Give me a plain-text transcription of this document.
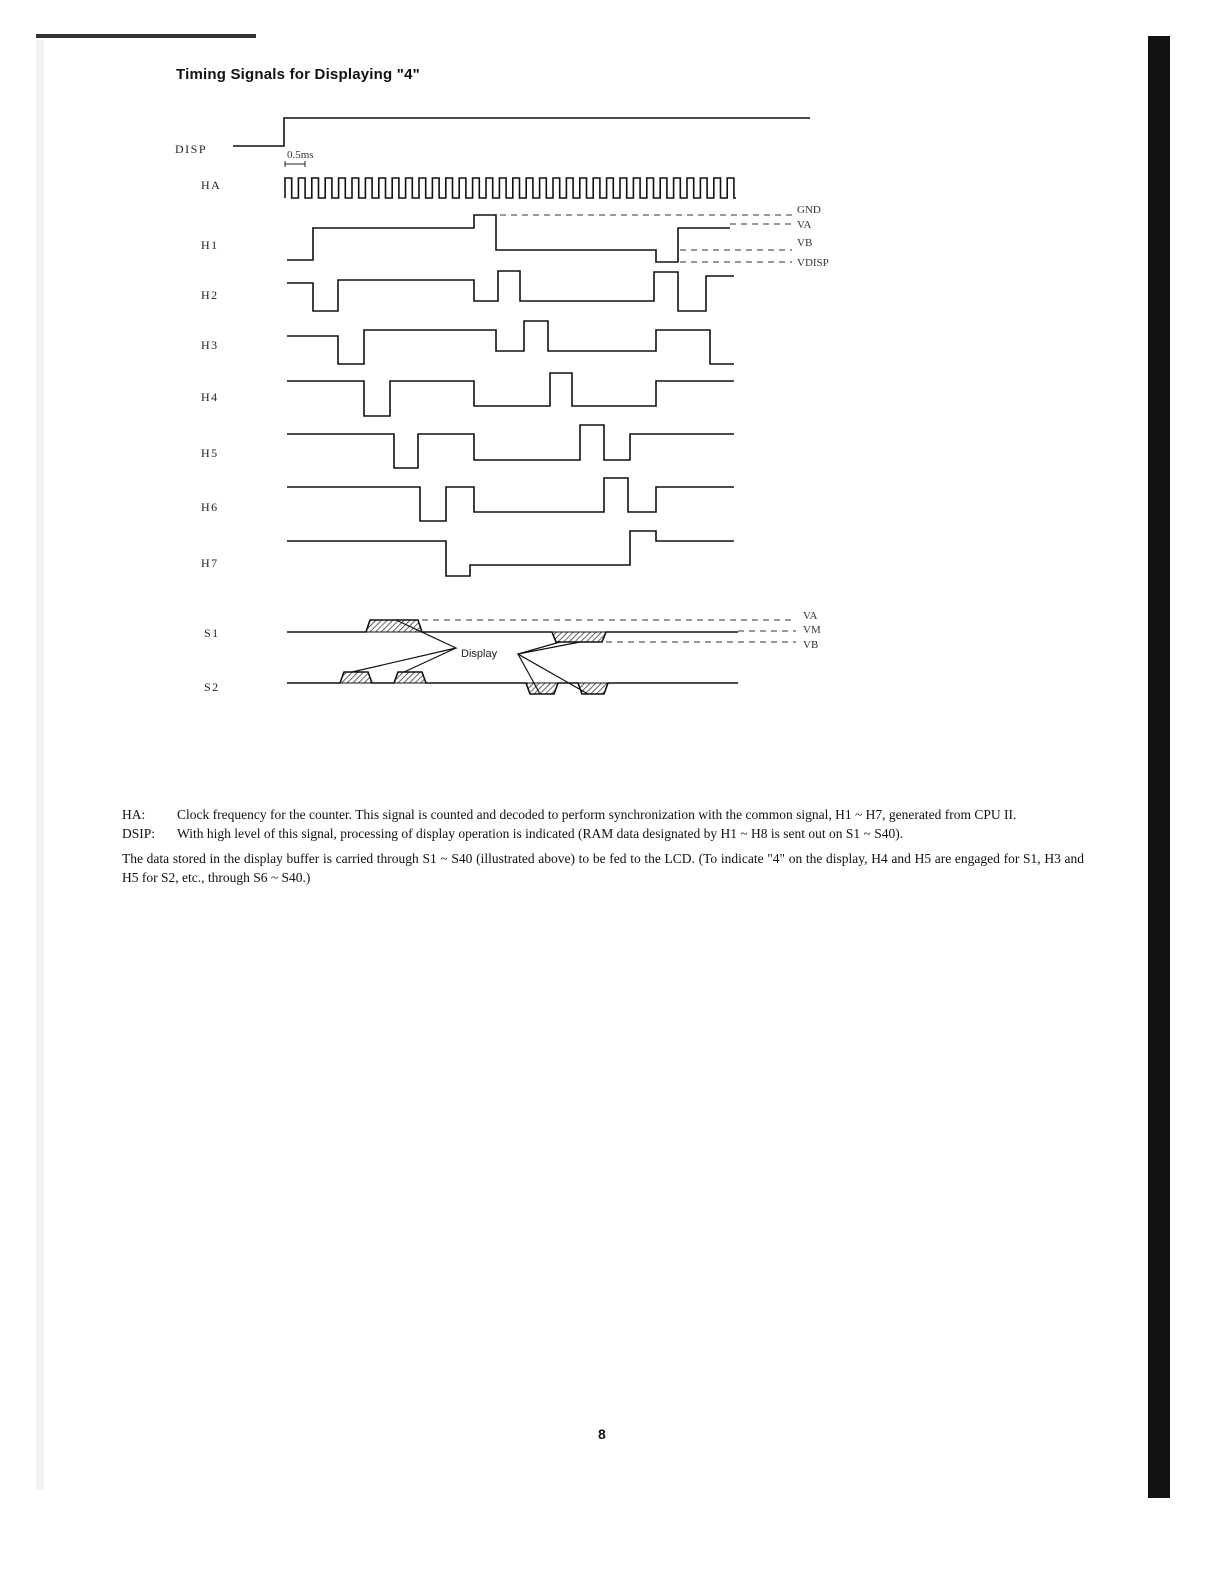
Timing Signals for Displaying "4"
DISP
HA
H1
H2
H3
H4
H5
H6
H7
S1
S2
0.5ms
GND
VA
VB
VDISP
VA
VM
VB
Display
HA:	Clock frequency for the counter. This signal is counted and decoded to perform synchronization with the common signal, H1 ~ H7, generated from CPU II.
DSIP:	With high level of this signal, processing of display operation is indicated (RAM data designated by H1 ~ H8 is sent out on S1 ~ S40).
The data stored in the display buffer is carried through S1 ~ S40 (illustrated above) to be fed to the LCD. (To indicate "4" on the display, H4 and H5 are engaged for S1, H3 and H5 for S2, etc., through S6 ~ S40.)
8
